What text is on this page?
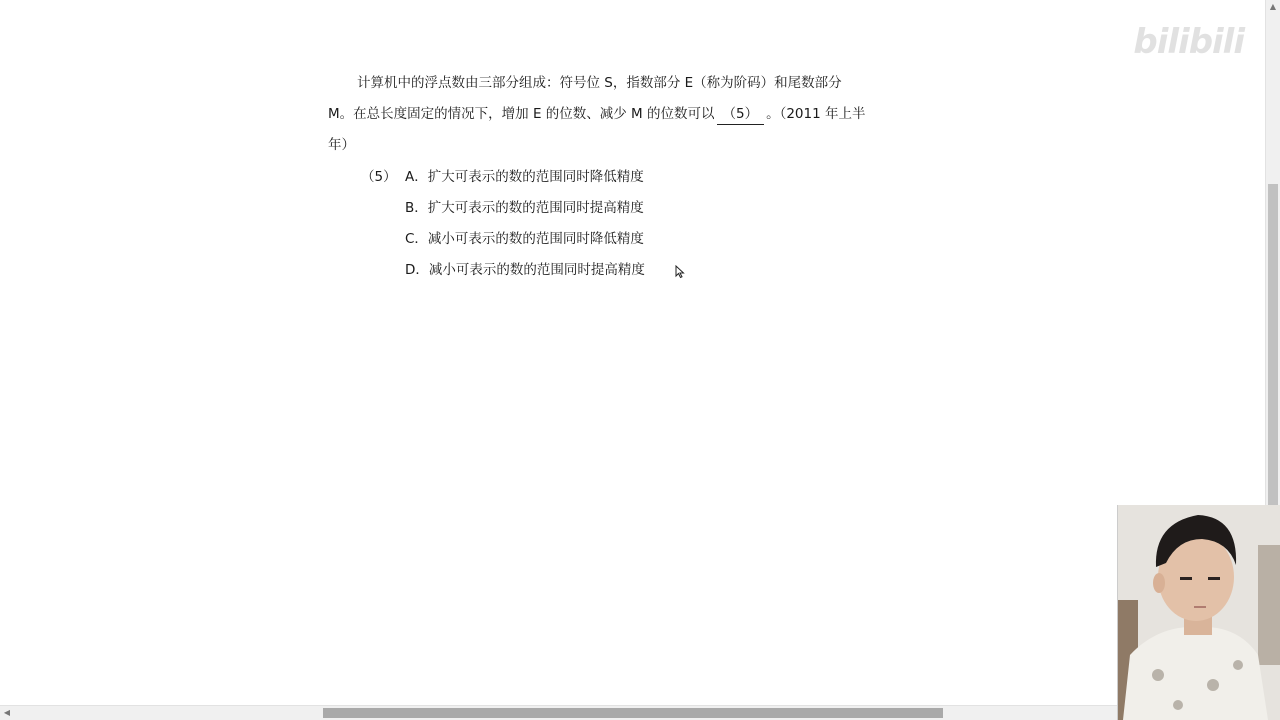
计算机中的浮点数由三部分组成：符号位 S，指数部分 E（称为阶码）和尾数部分
M。在总长度固定的情况下，增加 E 的位数、减少 M 的位数可以 （5） 。（2011 年上半
年）
（5） A．扩大可表示的数的范围同时降低精度
B．扩大可表示的数的范围同时提高精度
C．减小可表示的数的范围同时降低精度
D．减小可表示的数的范围同时提高精度
bilibili
▲
◀
